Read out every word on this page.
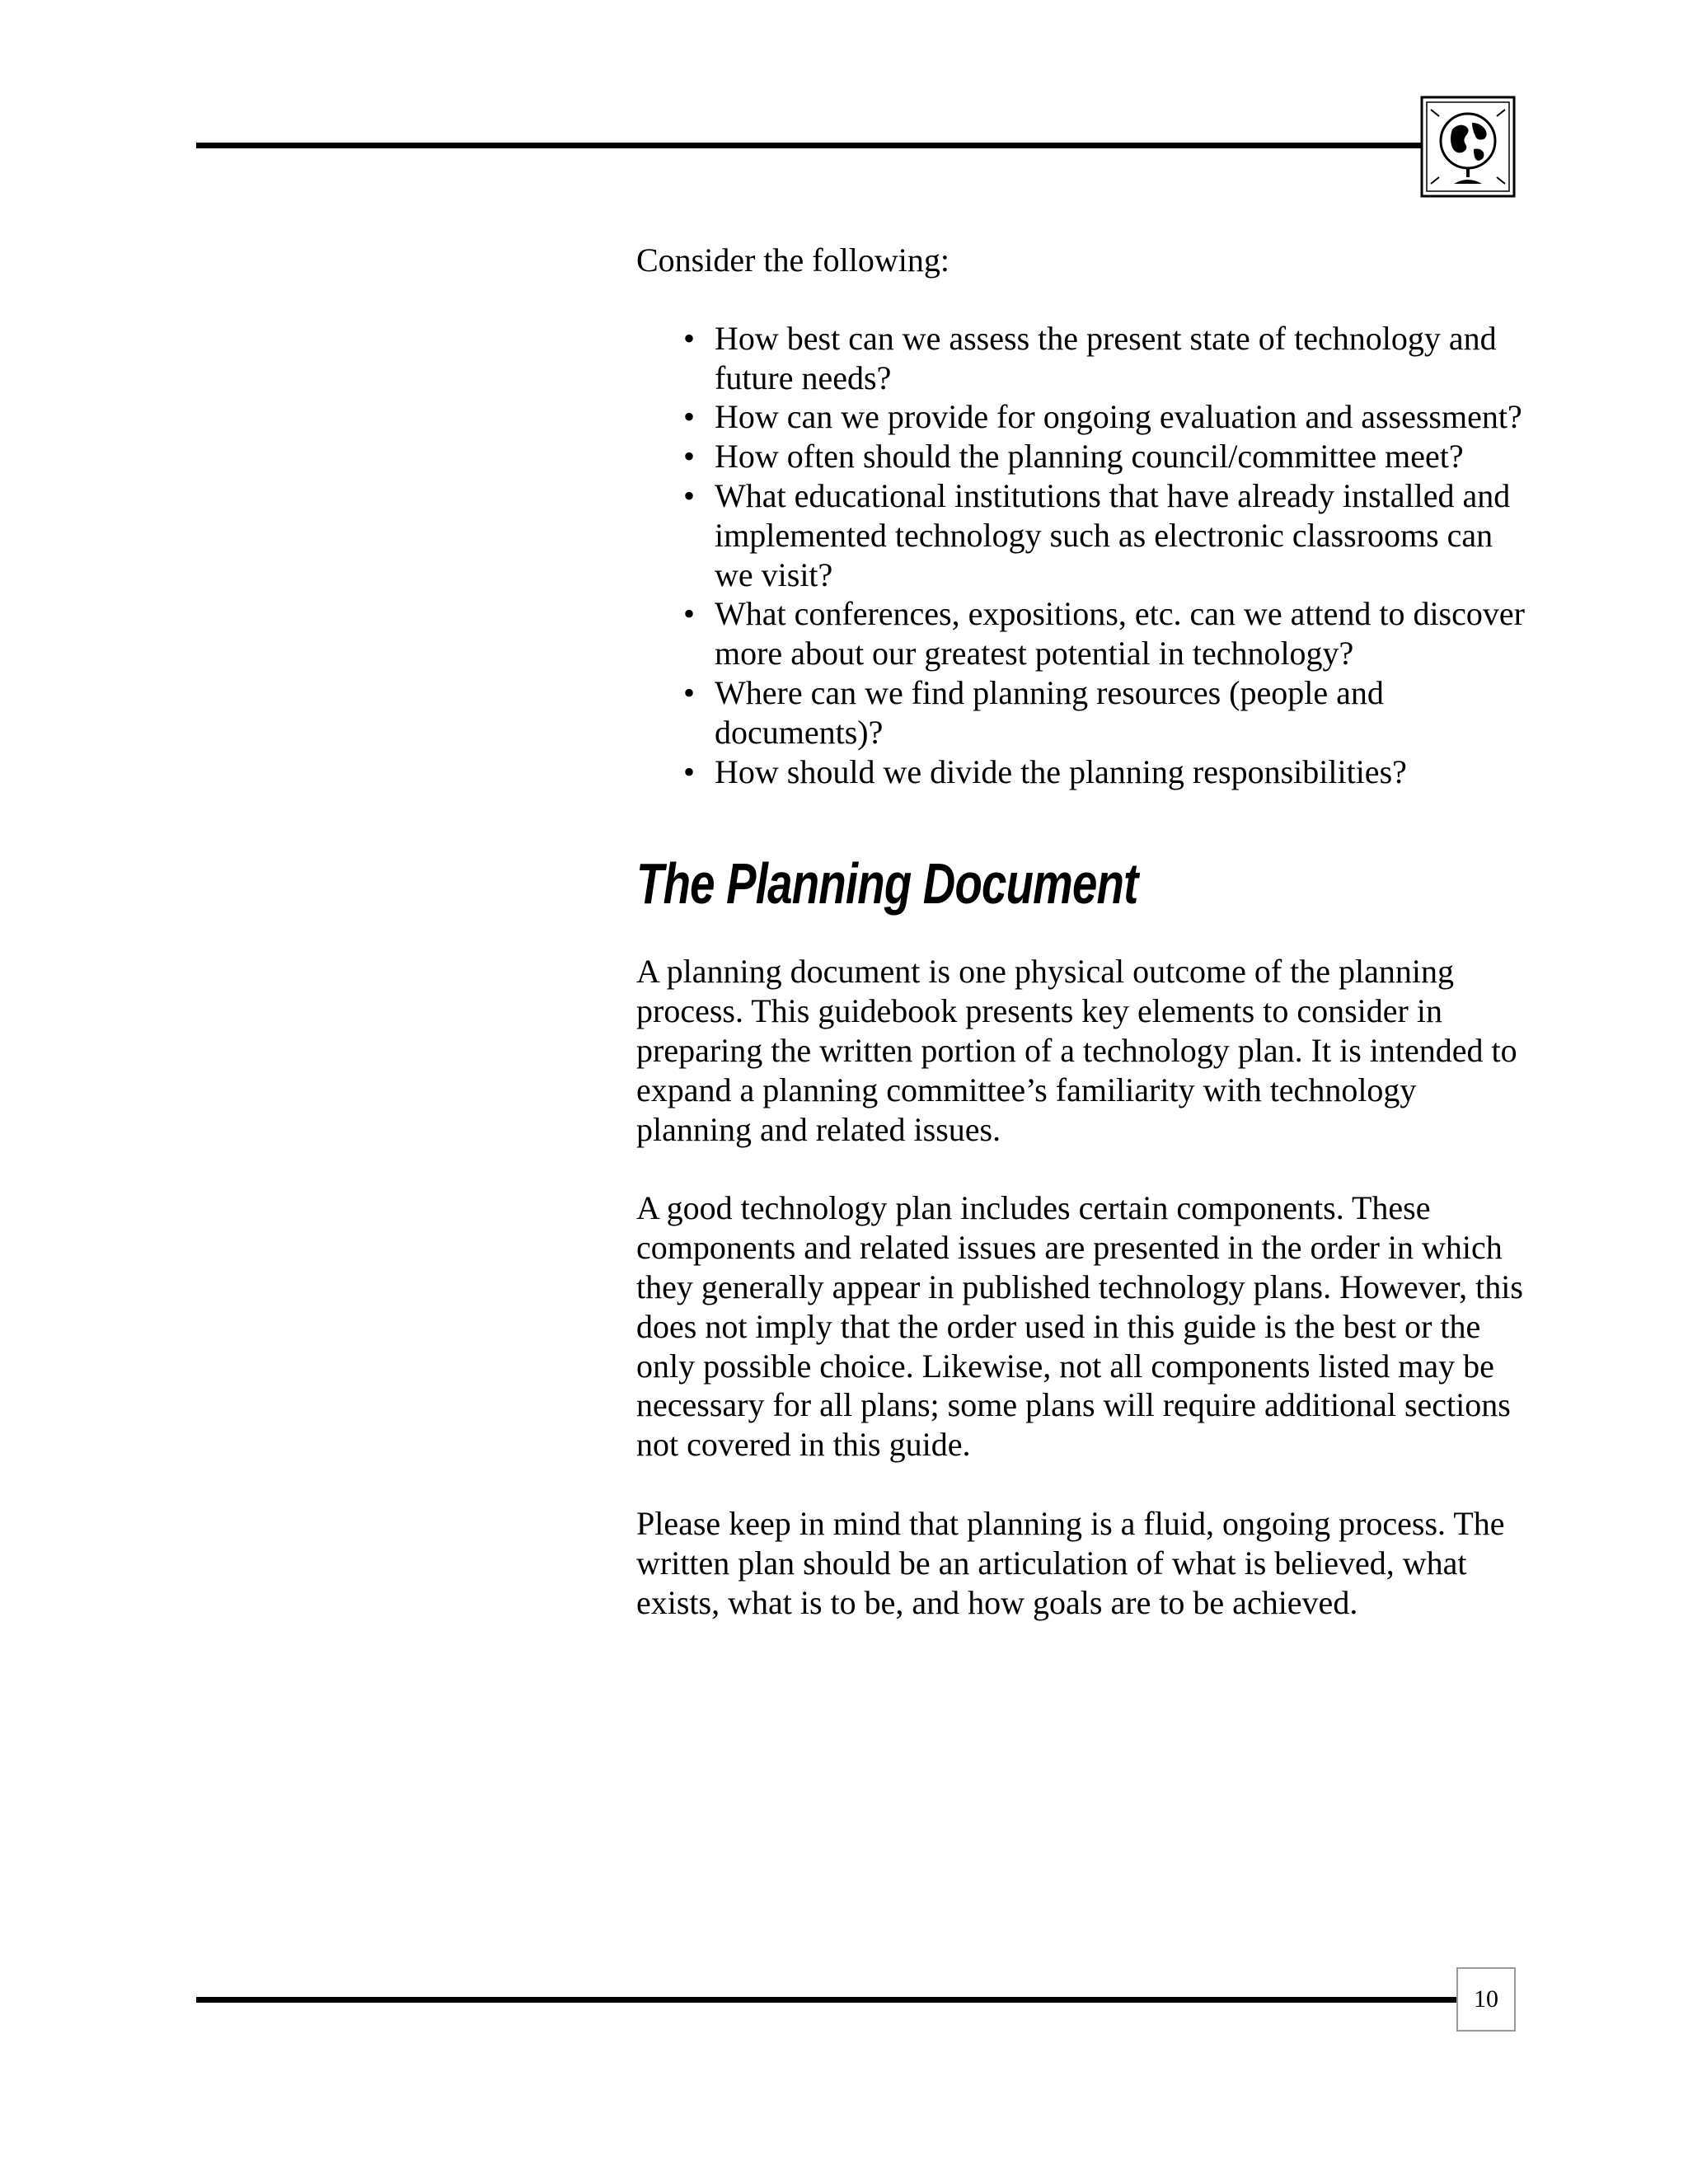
Consider the following:

• How best can we assess the present state of technology and future needs?
• How can we provide for ongoing evaluation and assessment?
• How often should the planning council/committee meet?
• What educational institutions that have already installed and implemented technology such as electronic classrooms can we visit?
• What conferences, expositions, etc. can we attend to discover more about our greatest potential in technology?
• Where can we find planning resources (people and documents)?
• How should we divide the planning responsibilities?
The Planning Document

A planning document is one physical outcome of the planning process. This guidebook presents key elements to consider in preparing the written portion of a technology plan. It is intended to expand a planning committee’s familiarity with technology planning and related issues.

A good technology plan includes certain components. These components and related issues are presented in the order in which they generally appear in published technology plans. However, this does not imply that the order used in this guide is the best or the only possible choice. Likewise, not all components listed may be necessary for all plans; some plans will require additional sections not covered in this guide.

Please keep in mind that planning is a fluid, ongoing process. The written plan should be an articulation of what is believed, what exists, what is to be, and how goals are to be achieved.

10
